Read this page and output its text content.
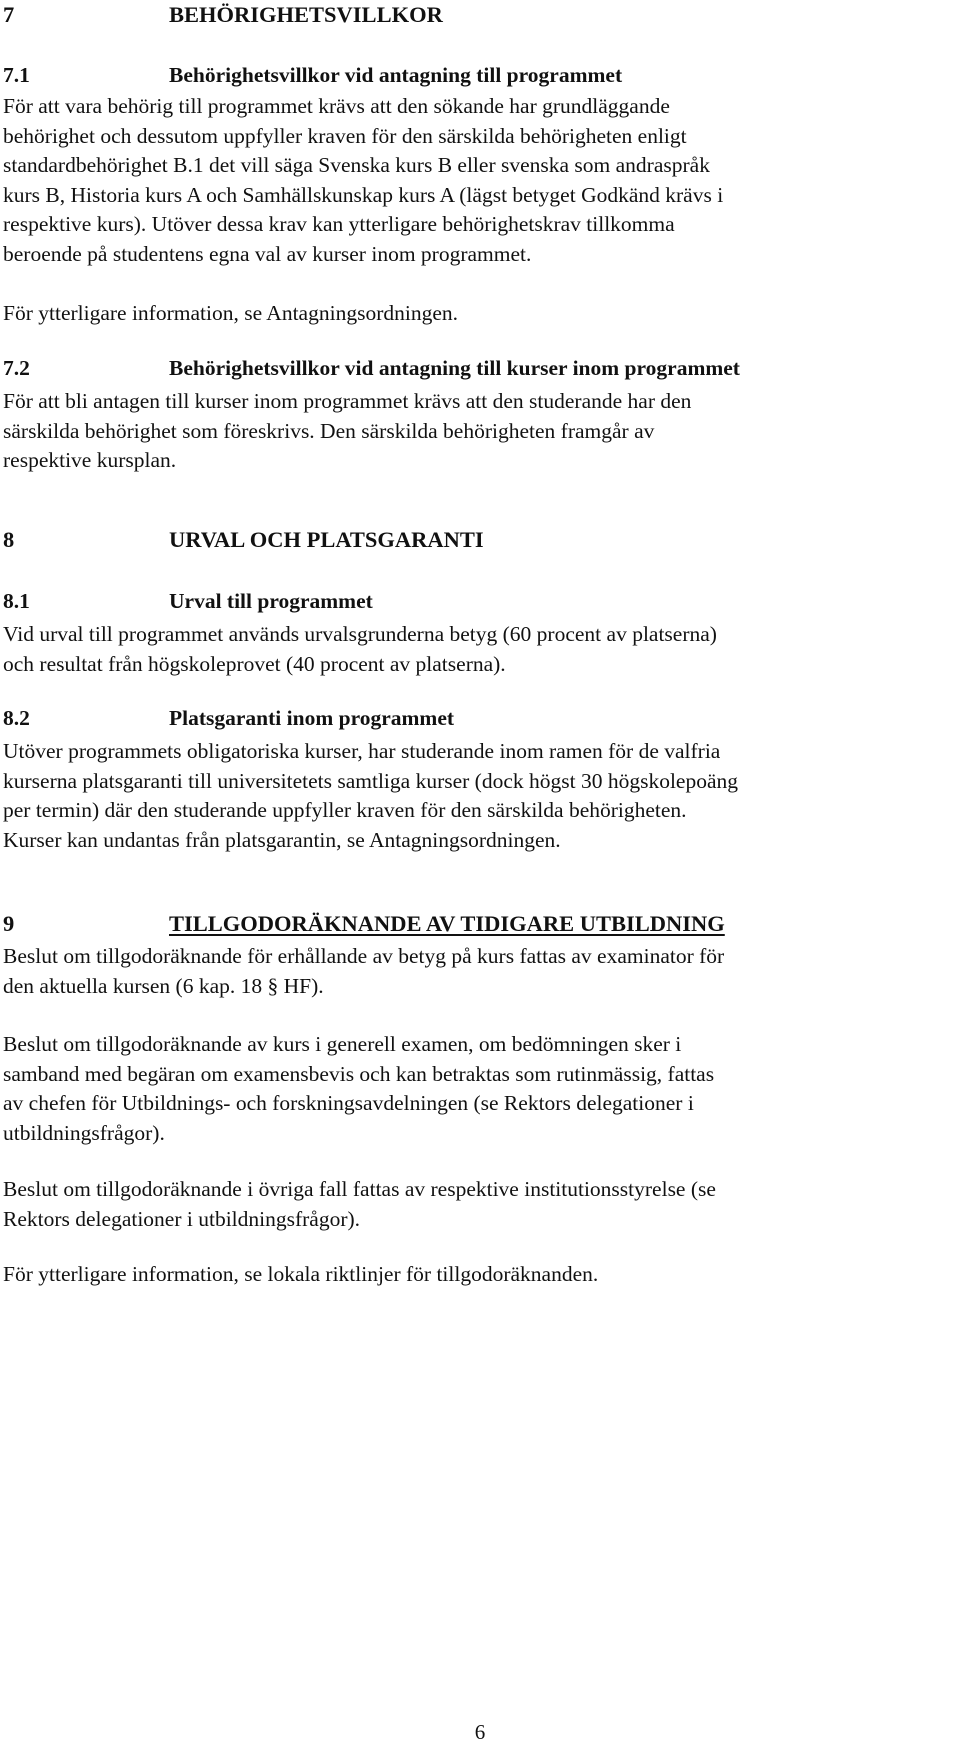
7	BEHÖRIGHETSVILLKOR
7.1	Behörighetsvillkor vid antagning till programmet
För att vara behörig till programmet krävs att den sökande har grundläggande
behörighet och dessutom uppfyller kraven för den särskilda behörigheten enligt
standardbehörighet B.1 det vill säga Svenska kurs B eller svenska som andraspråk
kurs B, Historia kurs A och Samhällskunskap kurs A (lägst betyget Godkänd krävs i
respektive kurs). Utöver dessa krav kan ytterligare behörighetskrav tillkomma
beroende på studentens egna val av kurser inom programmet.
För ytterligare information, se Antagningsordningen.
7.2	Behörighetsvillkor vid antagning till kurser inom programmet
För att bli antagen till kurser inom programmet krävs att den studerande har den
särskilda behörighet som föreskrivs. Den särskilda behörigheten framgår av
respektive kursplan.
8	URVAL OCH PLATSGARANTI
8.1	Urval till programmet
Vid urval till programmet används urvalsgrunderna betyg (60 procent av platserna)
och resultat från högskoleprovet (40 procent av platserna).
8.2	Platsgaranti inom programmet
Utöver programmets obligatoriska kurser, har studerande inom ramen för de valfria
kurserna platsgaranti till universitetets samtliga kurser (dock högst 30 högskolepoäng
per termin) där den studerande uppfyller kraven för den särskilda behörigheten.
Kurser kan undantas från platsgarantin, se Antagningsordningen.
9	TILLGODORÄKNANDE AV TIDIGARE UTBILDNING
Beslut om tillgodoräknande för erhållande av betyg på kurs fattas av examinator för
den aktuella kursen (6 kap. 18 § HF).
Beslut om tillgodoräknande av kurs i generell examen, om bedömningen sker i
samband med begäran om examensbevis och kan betraktas som rutinmässig, fattas
av chefen för Utbildnings- och forskningsavdelningen (se Rektors delegationer i
utbildningsfrågor).
Beslut om tillgodoräknande i övriga fall fattas av respektive institutionsstyrelse (se
Rektors delegationer i utbildningsfrågor).
För ytterligare information, se lokala riktlinjer för tillgodoräknanden.
6
